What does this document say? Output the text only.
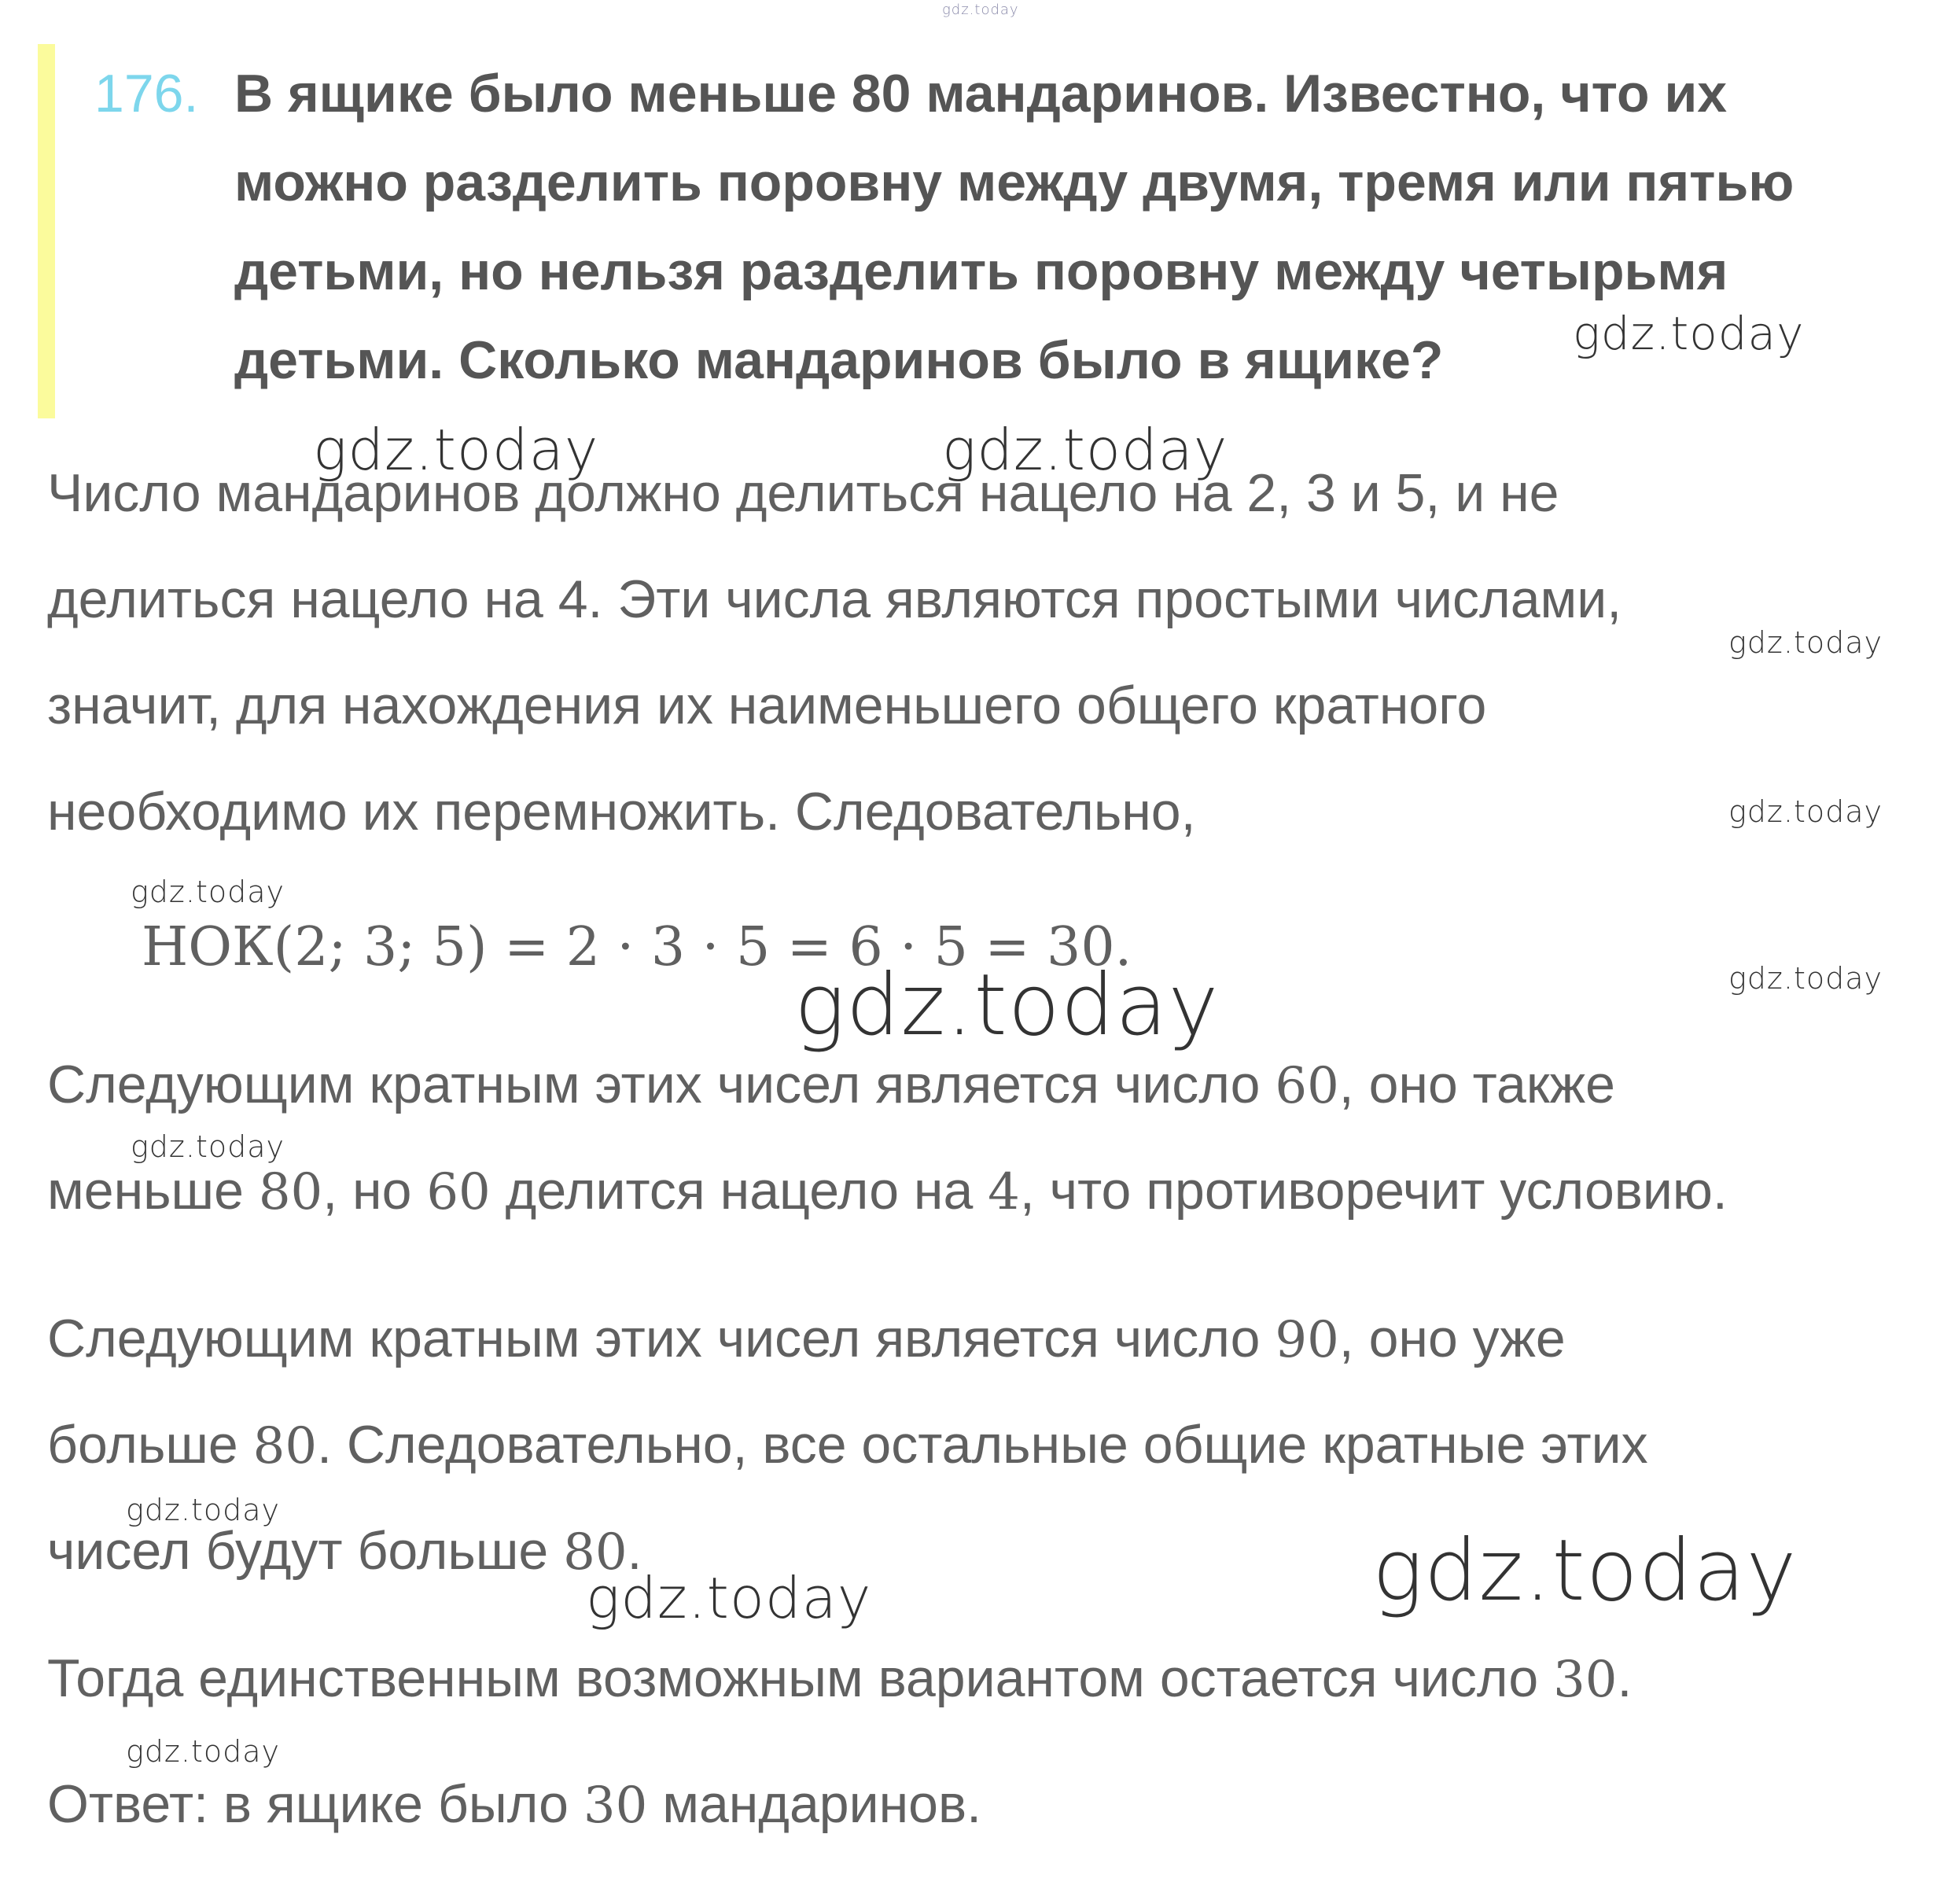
176. В ящике было меньше 80 мандаринов. Известно, что их
можно разделить поровну между двумя, тремя или пятью
детьми, но нельзя разделить поровну между четырьмя
детьми. Сколько мандаринов было в ящике?
Число мандаринов должно делиться нацело на 2, 3 и 5, и не
делиться нацело на 4. Эти числа являются простыми числами,
значит, для нахождения их наименьшего общего кратного
необходимо их перемножить. Следовательно,
НОК(2; 3; 5) = 2 · 3 · 5 = 6 · 5 = 30.
Следующим кратным этих чисел является число 60, оно также
меньше 80, но 60 делится нацело на 4, что противоречит условию.
Следующим кратным этих чисел является число 90, оно уже
больше 80. Следовательно, все остальные общие кратные этих
чисел будут больше 80.
Тогда единственным возможным вариантом остается число 30.
Ответ: в ящике было 30 мандаринов.
gdz.today
gdz.today
gdz.today	gdz.today
gdz.today
gdz.today
gdz.today
gdz.today
gdz.today
gdz.today
gdz.today
gdz.today	gdz.today
gdz.today
